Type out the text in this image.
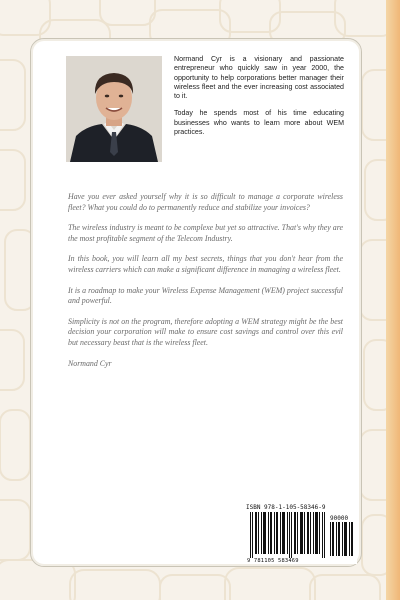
Normand Cyr is a visionary and passionate entrepreneur who quickly saw in year 2000, the opportunity to help corporations better manager their wireless fleet and the ever increasing cost associated to it.

Today he spends most of his time educating businesses who wants to learn more about WEM practices.

Have you ever asked yourself why it is so difficult to manage a corporate wireless fleet? What you could do to permanently reduce and stabilize your invoices?

The wireless industry is meant to be complexe but yet so attractive. That's why they are the most profitable segment of the Telecom Industry.

In this book, you will learn all my best secrets, things that you don't hear from the wireless carriers which can make a significant difference in managing a wireless fleet.

It is a roadmap to make your Wireless Expense Management (WEM) project successful and powerful.

Simplicity is not on the program, therefore adopting a WEM strategy might be the best decision your corporation will make to ensure cost savings and control over this evil but necessary beast that is the wireless fleet.

Normand Cyr

ISBN 978-1-105-58346-9
9 781105 583469
90000
